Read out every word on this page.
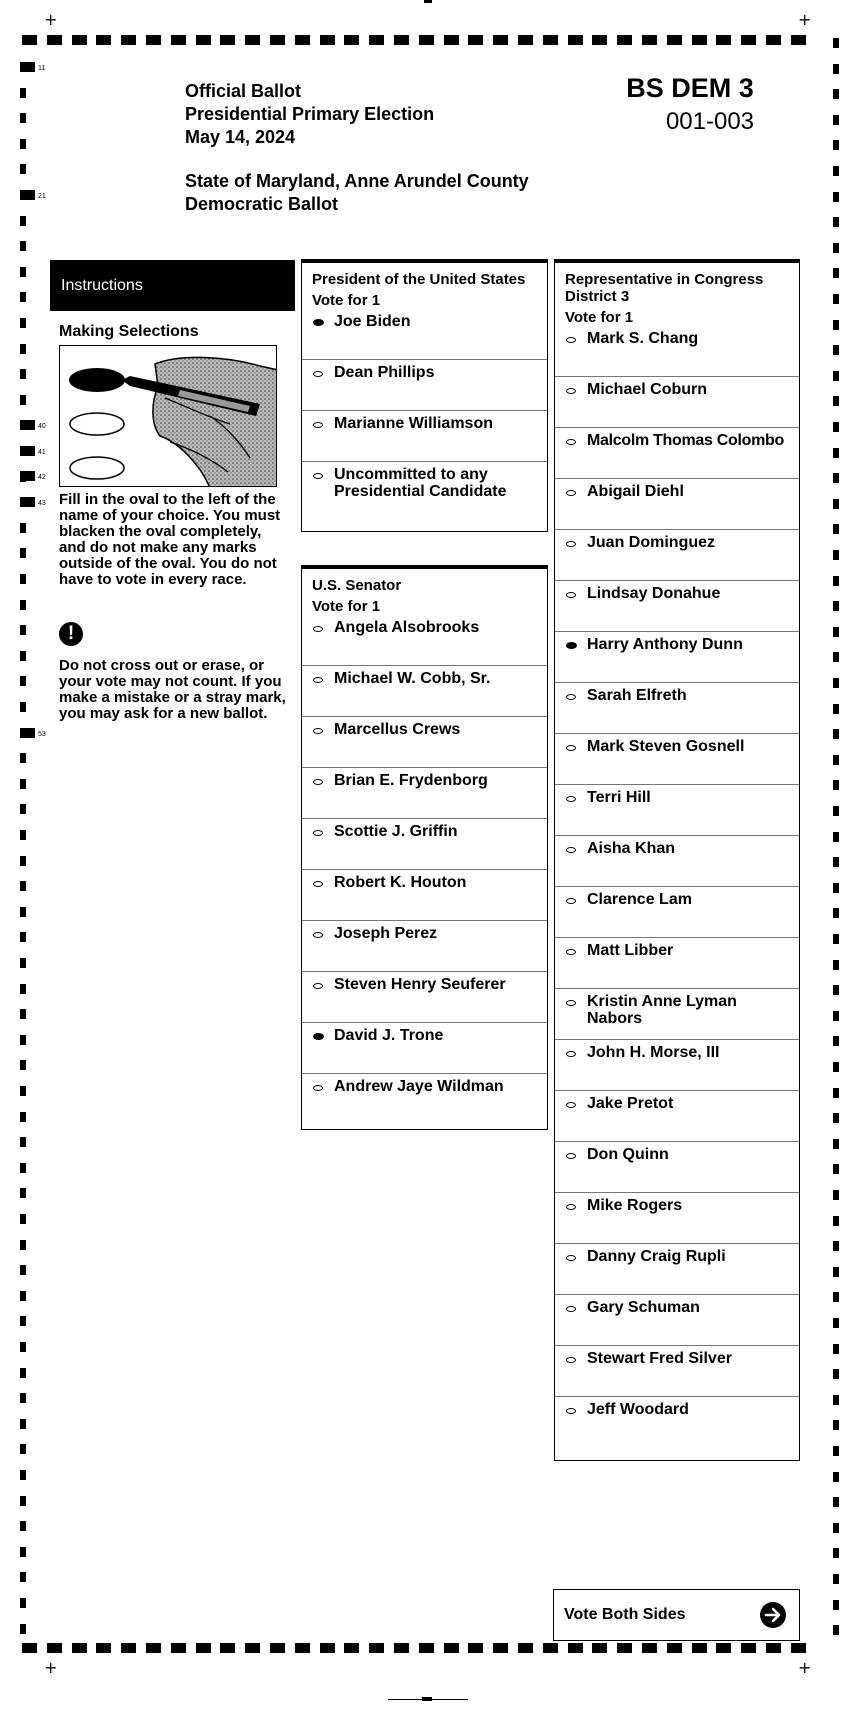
+	+
+	+
11
21
40
41
42
43
53
Official Ballot
Presidential Primary Election
May 14, 2024
State of Maryland, Anne Arundel County
Democratic Ballot
BS DEM 3
001-003
Instructions
Making Selections
Fill in the oval to the left of the name of your choice. You must blacken the oval completely, and do not make any marks outside of the oval. You do not have to vote in every race.
!
Do not cross out or erase, or your vote may not count. If you make a mistake or a stray mark, you may ask for a new ballot.
President of the United States
Vote for 1
Joe Biden
Dean Phillips
Marianne Williamson
Uncommitted to any Presidential Candidate
U.S. Senator
Vote for 1
Angela Alsobrooks
Michael W. Cobb, Sr.
Marcellus Crews
Brian E. Frydenborg
Scottie J. Griffin
Robert K. Houton
Joseph Perez
Steven Henry Seuferer
David J. Trone
Andrew Jaye Wildman
Representative in Congress District 3
Vote for 1
Mark S. Chang
Michael Coburn
Malcolm Thomas Colombo
Abigail Diehl
Juan Dominguez
Lindsay Donahue
Harry Anthony Dunn
Sarah Elfreth
Mark Steven Gosnell
Terri Hill
Aisha Khan
Clarence Lam
Matt Libber
Kristin Anne Lyman Nabors
John H. Morse, III
Jake Pretot
Don Quinn
Mike Rogers
Danny Craig Rupli
Gary Schuman
Stewart Fred Silver
Jeff Woodard
Vote Both Sides
